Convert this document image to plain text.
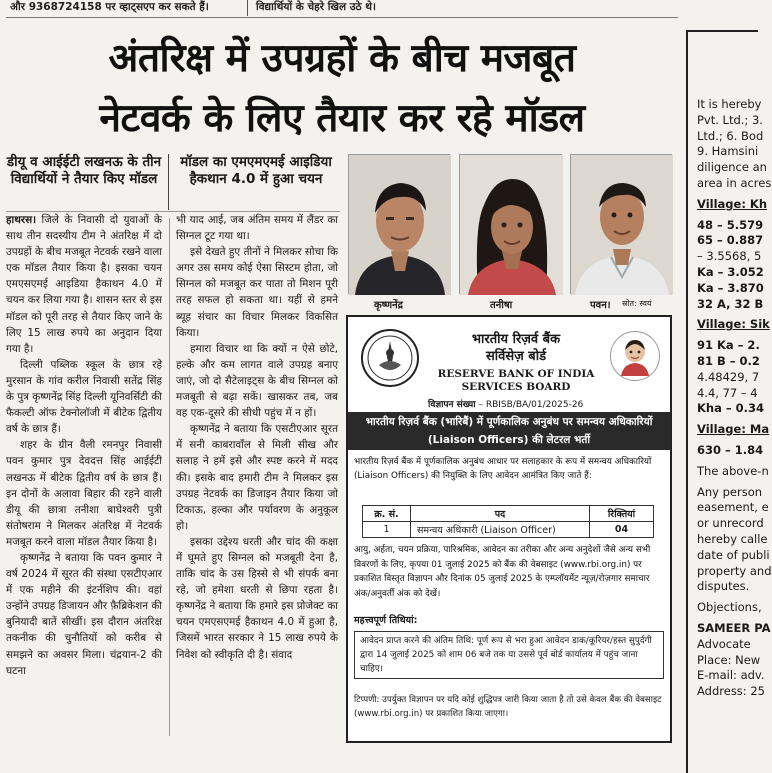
और 9368724158 पर व्हाट्सएप कर सकते हैं।	विद्यार्थियों के चेहरे खिल उठे थे।
अंतरिक्ष में उपग्रहों के बीच मजबूत
नेटवर्क के लिए तैयार कर रहे मॉडल
डीयू व आईईटी लखनऊ के तीन विद्यार्थियों ने तैयार किए मॉडल
मॉडल का एमएमएमई आइडिया हैकथान 4.0 में हुआ चयन

हाथरस। जिले के निवासी दो युवाओं के साथ तीन सदस्यीय टीम ने अंतरिक्ष में दो उपग्रहों के बीच मजबूत नेटवर्क रखने वाला एक मॉडल तैयार किया है। इसका चयन एमएसएमई आइडिया हैकाथन 4.0 में चयन कर लिया गया है। शासन स्तर से इस मॉडल को पूरी तरह से तैयार किए जाने के लिए 15 लाख रुपये का अनुदान दिया गया है।

दिल्ली पब्लिक स्कूल के छात्र रहे मुरसान के गांव करील निवासी सतेंद्र सिंह के पुत्र कृष्णनेंद्र सिंह दिल्ली यूनिवर्सिटी की फैकल्टी ऑफ टेक्नोलॉजी में बीटेक द्वितीय वर्ष के छात्र हैं।

शहर के ग्रीन वैली रमनपुर निवासी पवन कुमार पुत्र देवदत्त सिंह आईईटी लखनऊ में बीटेक द्वितीय वर्ष के छात्र हैं। इन दोनों के अलावा बिहार की रहने वाली डीयू की छात्रा तनीशा बाघेश्वरी पुत्री संतोषराम ने मिलकर अंतरिक्ष में नेटवर्क मजबूत करने वाला मॉडल तैयार किया है।

कृष्णनेंद्र ने बताया कि पवन कुमार ने वर्ष 2024 में सूरत की संस्था एसटीएआर में एक महीने की इंटर्नशिप की। वहां उन्होंने उपग्रह डिजायन और फ़ैब्रिकेशन की बुनियादी बातें सीखीं। इस दौरान अंतरिक्ष तकनीक की चुनौतियों को करीब से समझने का अवसर मिला। चंद्रयान-2 की घटना

भी याद आई, जब अंतिम समय में लैंडर का सिग्नल टूट गया था।

इसे देखते हुए तीनों ने मिलकर सोचा कि अगर उस समय कोई ऐसा सिस्टम होता, जो सिग्नल को मजबूत कर पाता तो मिशन पूरी तरह सफल हो सकता था। यहीं से हमने ब्यूह संचार का विचार मिलकर विकसित किया।

हमारा विचार था कि क्यों न ऐसे छोटे, हल्के और कम लागत वाले उपग्रह बनाए जाएं, जो दो सैटेलाइट्स के बीच सिग्नल को मजबूती से बढ़ा सकें। खासकर तब, जब वह एक-दूसरे की सीधी पहुंच में न हों।

कृष्णनेंद्र ने बताया कि एसटीएआर सूरत में सनी काबरावाँल से मिली सीख और सलाह ने हमें इसे और स्पष्ट करने में मदद की। इसके बाद हमारी टीम ने मिलकर इस उपग्रह नेटवर्क का डिजाइन तैयार किया जो टिकाऊ, हल्का और पर्यावरण के अनुकूल हो।

इसका उद्देश्य धरती और चांद की कक्षा में घूमते हुए सिग्नल को मजबूती देना है, ताकि चांद के उस हिस्से से भी संपर्क बना रहे, जो हमेशा धरती से छिपा रहता है। कृष्णनेंद्र ने बताया कि हमारे इस प्रोजेक्ट का चयन एमएसएमई हैकाथन 4.0 में हुआ है, जिसमें भारत सरकार ने 15 लाख रुपये के निवेश को स्वीकृति दी है। संवाद

कृष्णनेंद्र	तनीषा	पवन। स्रोत: स्वयं
भारतीय रिज़र्व बैंक
सर्विसेज़ बोर्ड
RESERVE BANK OF INDIA
SERVICES BOARD
विज्ञापन संख्या – RBISB/BA/01/2025-26
भारतीय रिज़र्व बैंक (भारिबैं) में पूर्णकालिक अनुबंध पर समन्वय अधिकारियों (Liaison Officers) की लेटरल भर्ती
भारतीय रिज़र्व बैंक में पूर्णकालिक अनुबंध आधार पर सलाहकार के रूप में समन्वय अधिकारियों (Liaison Officers) की नियुक्ति के लिए आवेदन आमंत्रित किए जाते हैं:
क्र. सं.	पद	रिक्तियां
1	समन्वय अधिकारी (Liaison Officer)	04
आयु, अर्हता, चयन प्रक्रिया, पारिश्रमिक, आवेदन का तरीका और अन्य अनुदेशों जैसे अन्य सभी विवरणों के लिए, कृपया 01 जुलाई 2025 को बैंक की वेबसाइट (www.rbi.org.in) पर प्रकाशित विस्तृत विज्ञापन और दिनांक 05 जुलाई 2025 के एम्प्लॉयमेंट न्यूज़/रोज़गार समाचार अंक/अनुवर्ती अंक को देखें।
महत्त्वपूर्ण तिथियां:
आवेदन प्राप्त करने की अंतिम तिथि: पूर्ण रूप से भरा हुआ आवेदन डाक/कूरियर/हस्त सुपुर्दगी द्वारा 14 जुलाई 2025 को शाम 06 बजे तक या उससे पूर्व बोर्ड कार्यालय में पहुंच जाना चाहिए।
टिप्पणी: उपर्युक्त विज्ञापन पर यदि कोई शुद्धिपत्र जारी किया जाता है तो उसे केवल बैंक की वेबसाइट (www.rbi.org.in) पर प्रकाशित किया जाएगा।
It is hereby
Pvt. Ltd.; 3.
Ltd.; 6. Bod
9. Hamsini
diligence an
area in acres
Village: Kh
48 – 5.579
65 – 0.887
– 3.5568, 5
Ka – 3.052
Ka – 3.870
32 A, 32 B
Village: Sik
91 Ka – 2.
81 B – 0.2
4.48429, 7
4.4, 77 – 4
Kha – 0.34
Village: Ma
630 – 1.84
The above-n
Any person
easement, e
or unrecord
hereby calle
date of publi
property and
disputes.
Objections,
SAMEER PA
Advocate
Place: New
E-mail: adv.
Address: 25
